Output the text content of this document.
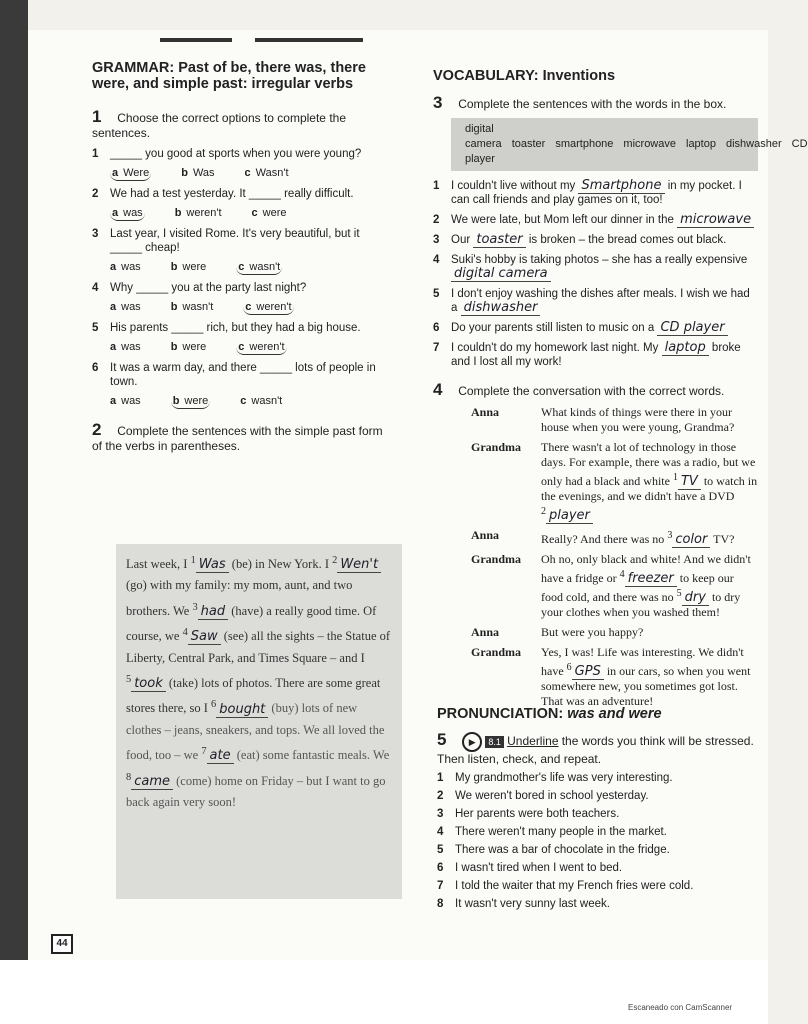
GRAMMAR: Past of be, there was, there were, and simple past: irregular verbs
1 Choose the correct options to complete the sentences.
1 _____ you good at sports when you were young?
a Were	b Was	c Wasn't
2 We had a test yesterday. It _____ really difficult.
a was	b weren't	c were
3 Last year, I visited Rome. It's very beautiful, but it _____ cheap!
a was	b were	c wasn't
4 Why _____ you at the party last night?
a was	b wasn't	c weren't
5 His parents _____ rich, but they had a big house.
a was	b were	c weren't
6 It was a warm day, and there _____ lots of people in town.
a was	b were	c wasn't
2 Complete the sentences with the simple past form of the verbs in parentheses.
Last week, I $^1$ Was (be) in New York. I $^2$ Wen't (go) with my family: my mom, aunt, and two brothers. We $^3$ had (have) a really good time. Of course, we $^4$ Saw (see) all the sights – the Statue of Liberty, Central Park, and Times Square – and I $^5$ took (take) lots of photos. There are some great stores there, so I $^6$ bought (buy) lots of new clothes – jeans, sneakers, and tops. We all loved the food, too – we $^7$ ate (eat) some fantastic meals. We $^8$ came (come) home on Friday – but I want to go back again very soon!
VOCABULARY: Inventions
3 Complete the sentences with the words in the box.
digital camera toaster smartphone microwave laptop dishwasher CD player
1 I couldn't live without my Smartphone in my pocket. I can call friends and play games on it, too!
2 We were late, but Mom left our dinner in the microwave
3 Our toaster is broken – the bread comes out black.
4 Suki's hobby is taking photos – she has a really expensive digital camera
5 I don't enjoy washing the dishes after meals. I wish we had a dishwasher
6 Do your parents still listen to music on a CD player
7 I couldn't do my homework last night. My laptop broke and I lost all my work!
4 Complete the conversation with the correct words.
Anna	What kinds of things were there in your house when you were young, Grandma?
Grandma	There wasn't a lot of technology in those days. For example, there was a radio, but we only had a black and white $^1$ TV to watch in the evenings, and we didn't have a DVD $^2$ player
Anna	Really? And there was no $^3$ color TV?
Grandma	Oh no, only black and white! And we didn't have a fridge or $^4$ freezer to keep our food cold, and there was no $^5$ dry to dry your clothes when you washed them!
Anna	But were you happy?
Grandma	Yes, I was! Life was interesting. We didn't have $^6$ GPS in our cars, so when you went somewhere new, you sometimes got lost. That was an adventure!
PRONUNCIATION: was and were
5 ▶ 8.1 Underline the words you think will be stressed. Then listen, check, and repeat.
1 My grandmother's life was very interesting.
2 We weren't bored in school yesterday.
3 Her parents were both teachers.
4 There weren't many people in the market.
5 There was a bar of chocolate in the fridge.
6 I wasn't tired when I went to bed.
7 I told the waiter that my French fries were cold.
8 It wasn't very sunny last week.
44
Escaneado con CamScanner
